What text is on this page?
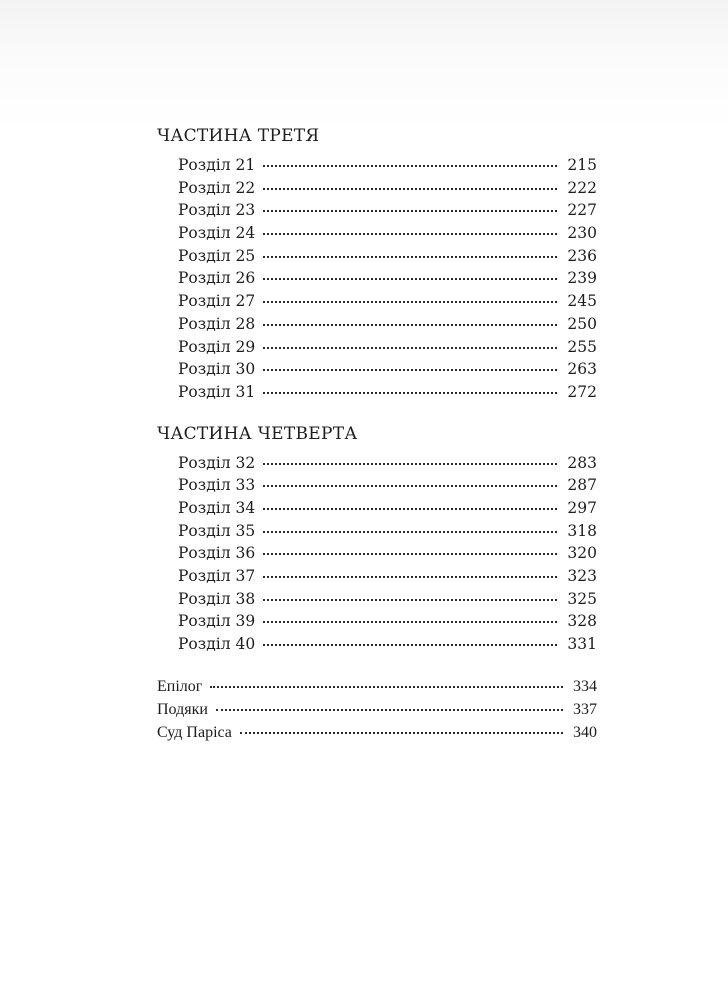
ЧАСТИНА ТРЕТЯ
Розділ 21	215
Розділ 22	222
Розділ 23	227
Розділ 24	230
Розділ 25	236
Розділ 26	239
Розділ 27	245
Розділ 28	250
Розділ 29	255
Розділ 30	263
Розділ 31	272
ЧАСТИНА ЧЕТВЕРТА
Розділ 32	283
Розділ 33	287
Розділ 34	297
Розділ 35	318
Розділ 36	320
Розділ 37	323
Розділ 38	325
Розділ 39	328
Розділ 40	331
Епілог	334
Подяки	337
Суд Паріса	340
